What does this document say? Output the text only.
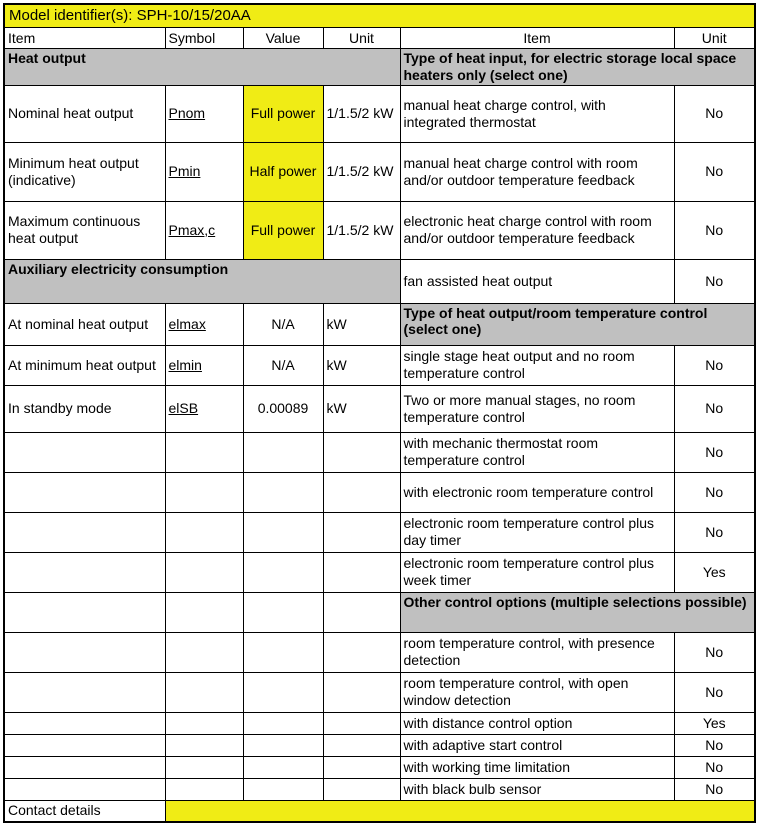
Model identifier(s): SPH-10/15/20AA					
Item	Symbol	Value	Unit	Item	Unit
Heat output				Type of heat input, for electric storage local space heaters only (select one)	
Nominal heat output	Pnom	Full power	1/1.5/2 kW	manual heat charge control, with integrated thermostat	No
Minimum heat output (indicative)	Pmin	Half power	1/1.5/2 kW	manual heat charge control with room and/or outdoor temperature feedback	No
Maximum continuous heat output	Pmax,c	Full power	1/1.5/2 kW	electronic heat charge control with room and/or outdoor temperature feedback	No
Auxiliary electricity consumption				fan assisted heat output	No
At nominal heat output	elmax	N/A	kW	Type of heat output/room temperature control (select one)	
At minimum heat output	elmin	N/A	kW	single stage heat output and no room temperature control	No
In standby mode	elSB	0.00089	kW	Two or more manual stages, no room temperature control	No
				with mechanic thermostat room temperature control	No
				with electronic room temperature control	No
				electronic room temperature control plus day timer	No
				electronic room temperature control plus week timer	Yes
				Other control options (multiple selections possible)	
				room temperature control, with presence detection	No
				room temperature control, with open window detection	No
				with distance control option	Yes
				with adaptive start control	No
				with working time limitation	No
				with black bulb sensor	No
Contact details					
